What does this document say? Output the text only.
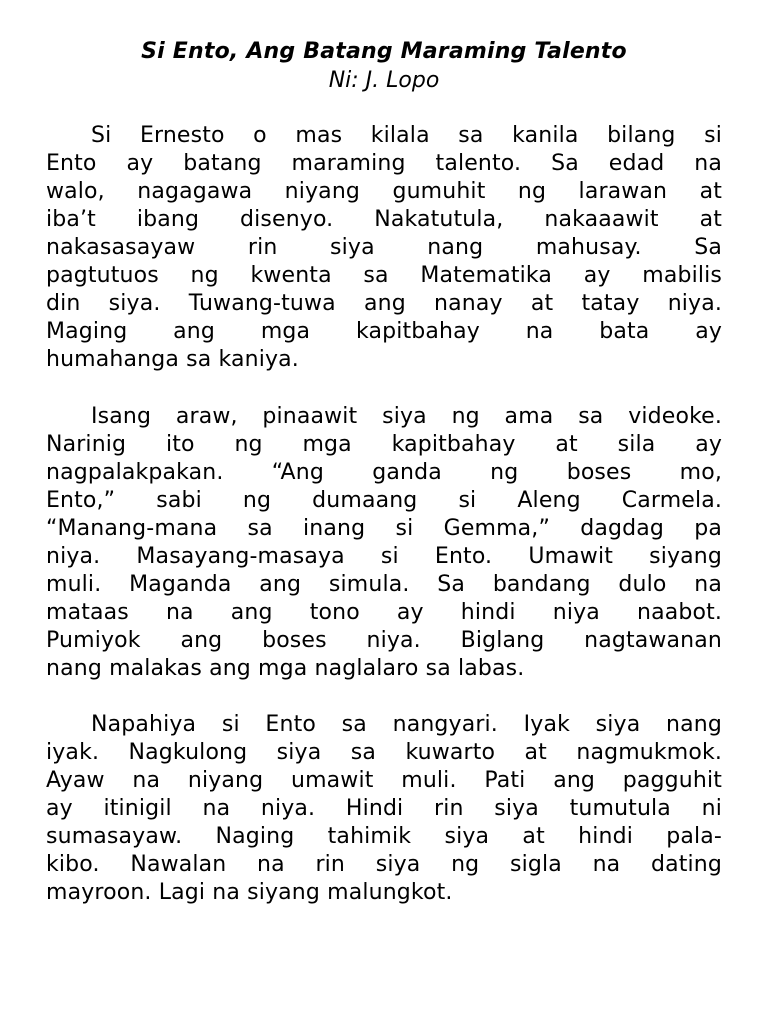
Si Ento, Ang Batang Maraming Talento
Ni: J. Lopo
Si Ernesto o mas kilala sa kanila bilang si
Ento ay batang maraming talento. Sa edad na
walo, nagagawa niyang gumuhit ng larawan at
iba’t ibang disenyo. Nakatutula, nakaaawit at
nakasasayaw rin siya nang mahusay. Sa
pagtutuos ng kwenta sa Matematika ay mabilis
din siya. Tuwang-tuwa ang nanay at tatay niya.
Maging ang mga kapitbahay na bata ay
humahanga sa kaniya.
Isang araw, pinaawit siya ng ama sa videoke.
Narinig ito ng mga kapitbahay at sila ay
nagpalakpakan. “Ang ganda ng boses mo,
Ento,” sabi ng dumaang si Aleng Carmela.
“Manang-mana sa inang si Gemma,” dagdag pa
niya. Masayang-masaya si Ento. Umawit siyang
muli. Maganda ang simula. Sa bandang dulo na
mataas na ang tono ay hindi niya naabot.
Pumiyok ang boses niya. Biglang nagtawanan
nang malakas ang mga naglalaro sa labas.
Napahiya si Ento sa nangyari. Iyak siya nang
iyak. Nagkulong siya sa kuwarto at nagmukmok.
Ayaw na niyang umawit muli. Pati ang pagguhit
ay itinigil na niya. Hindi rin siya tumutula ni
sumasayaw. Naging tahimik siya at hindi pala-
kibo. Nawalan na rin siya ng sigla na dating
mayroon. Lagi na siyang malungkot.
